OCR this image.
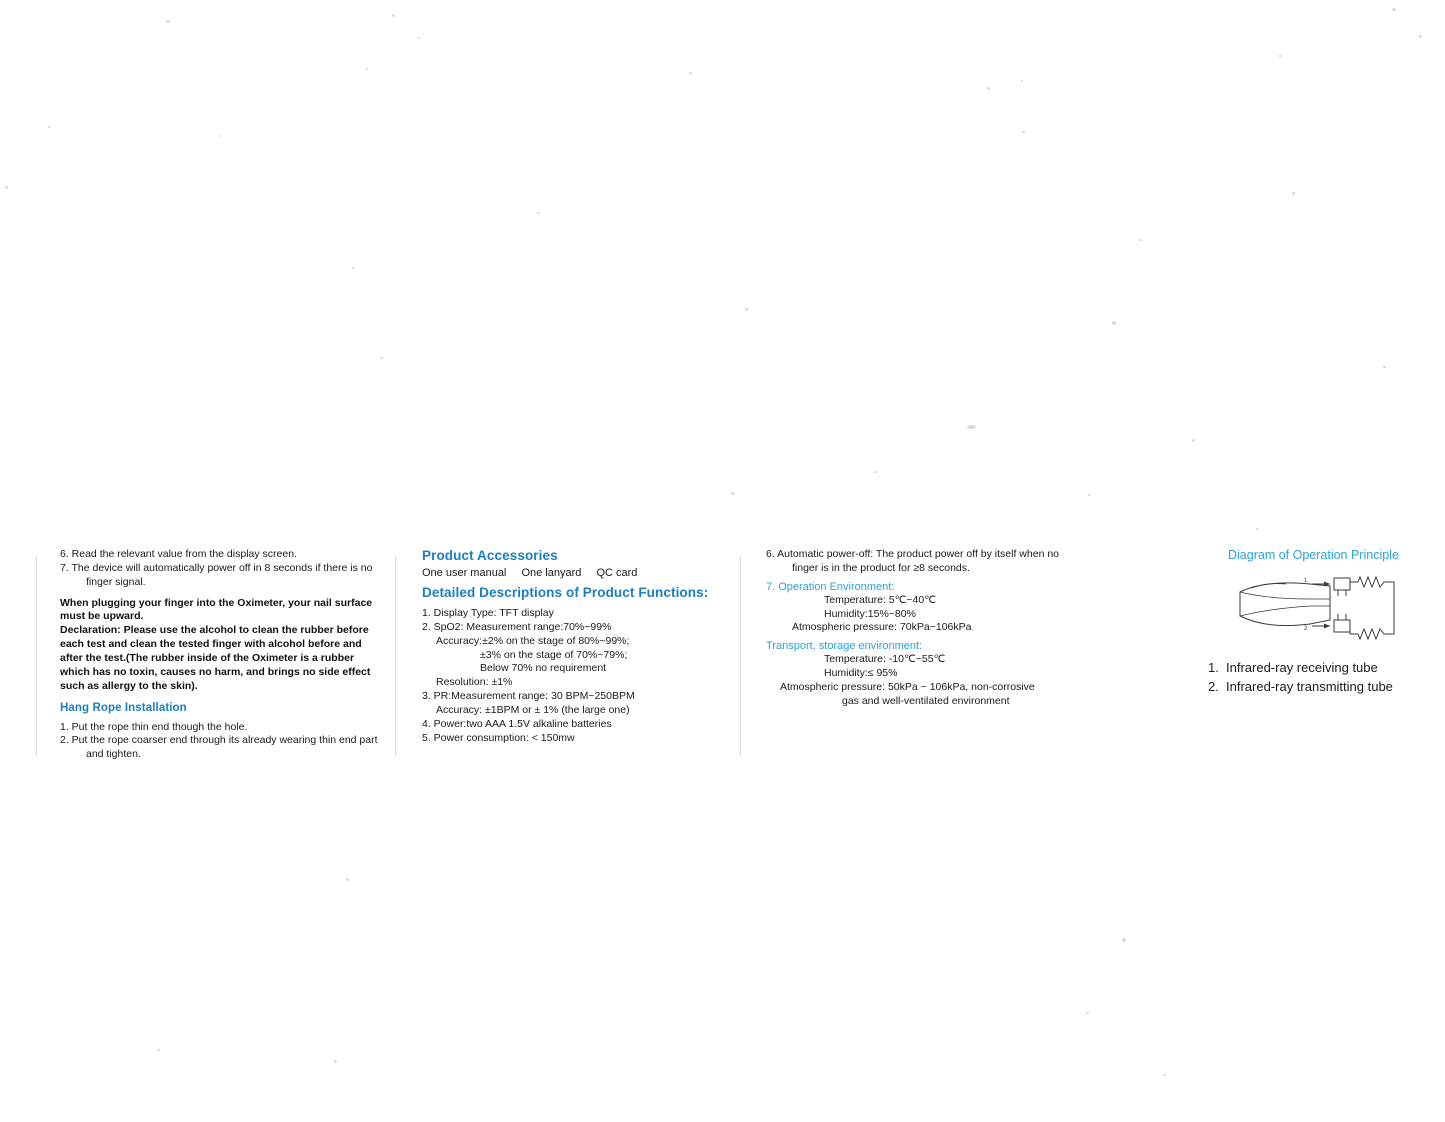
6. Read the relevant value from the display screen.

7. The device will automatically power off in 8 seconds if there is no

finger signal.

When plugging your finger into the Oximeter, your nail surface

must be upward.

Declaration: Please use the alcohol to clean the rubber before

each test and clean the tested finger with alcohol before and

after the test.(The rubber inside of the Oximeter is a rubber

which has no toxin, causes no harm, and brings no side effect

such as allergy to the skin).

Hang Rope Installation

1. Put the rope thin end though the hole.

2. Put the rope coarser end through its already wearing thin end part

and tighten.

Product Accessories

One user manual One lanyard QC card

Detailed Descriptions of Product Functions:

1. Display Type: TFT display

2. SpO2: Measurement range:70%~99%

Accuracy:±2% on the stage of 80%~99%;

±3% on the stage of 70%~79%;

Below 70% no requirement

Resolution: ±1%

3. PR:Measurement range: 30 BPM~250BPM

Accuracy: ±1BPM or ± 1% (the large one)

4. Power:two AAA 1.5V alkaline batteries

5. Power consumption: < 150mw

6. Automatic power-off: The product power off by itself when no

finger is in the product for ≥8 seconds.

7. Operation Environment:

Temperature: 5℃~40℃

Humidity:15%~80%

Atmospheric pressure: 70kPa~106kPa

Transport, storage environment:

Temperature: -10℃~55℃

Humidity:≤ 95%

Atmospheric pressure: 50kPa ~ 106kPa, non-corrosive

gas and well-ventilated environment

Diagram of Operation Principle

1
2

1. Infrared-ray receiving tube

2. Infrared-ray transmitting tube
